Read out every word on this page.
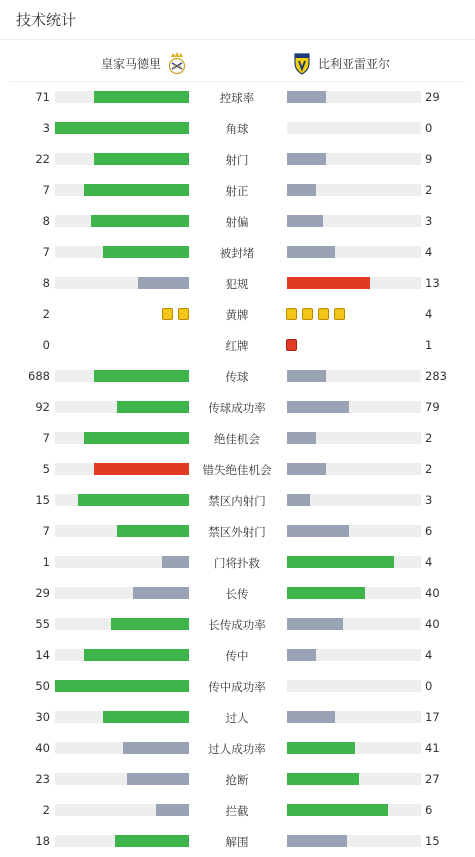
技术统计
皇家马德里 RM	比利亚雷亚尔
71	控球率	29
3	角球	0
22	射门	9
7	射正	2
8	射偏	3
7	被封堵	4
8	犯规	13
2	黄牌	4
0	红牌	1
688	传球	283
92	传球成功率	79
7	绝佳机会	2
5	错失绝佳机会	2
15	禁区内射门	3
7	禁区外射门	6
1	门将扑救	4
29	长传	40
55	长传成功率	40
14	传中	4
50	传中成功率	0
30	过人	17
40	过人成功率	41
23	抢断	27
2	拦截	6
18	解围	15
